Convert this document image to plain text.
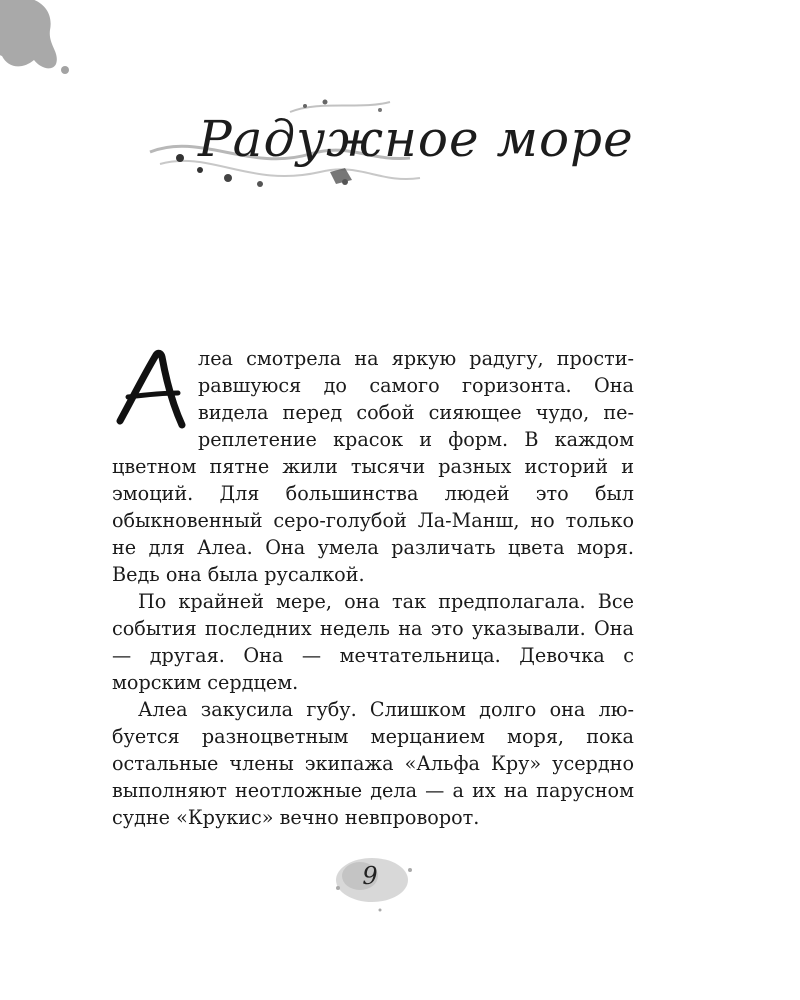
Радужное море

А	леа смотрела на яркую радугу, простиравшуюся до самого горизонта. Она видела перед собой сияющее чудо, переплетение красок и форм. В каждом цветном пятне жили тысячи разных историй и эмоций. Для большинства людей это был обыкновенный серо-голубой Ла-Манш, но только не для Алеа. Она умела различать цвета моря. Ведь она была русалкой.

По крайней мере, она так предполагала. Все события последних недель на это указывали. Она — другая. Она — мечтательница. Девочка с морским сердцем.

Алеа закусила губу. Слишком долго она любуется разноцветным мерцанием моря, пока остальные члены экипажа «Альфа Кру» усердно выполняют неотложные дела — а их на парусном судне «Крукис» вечно невпроворот.

9
